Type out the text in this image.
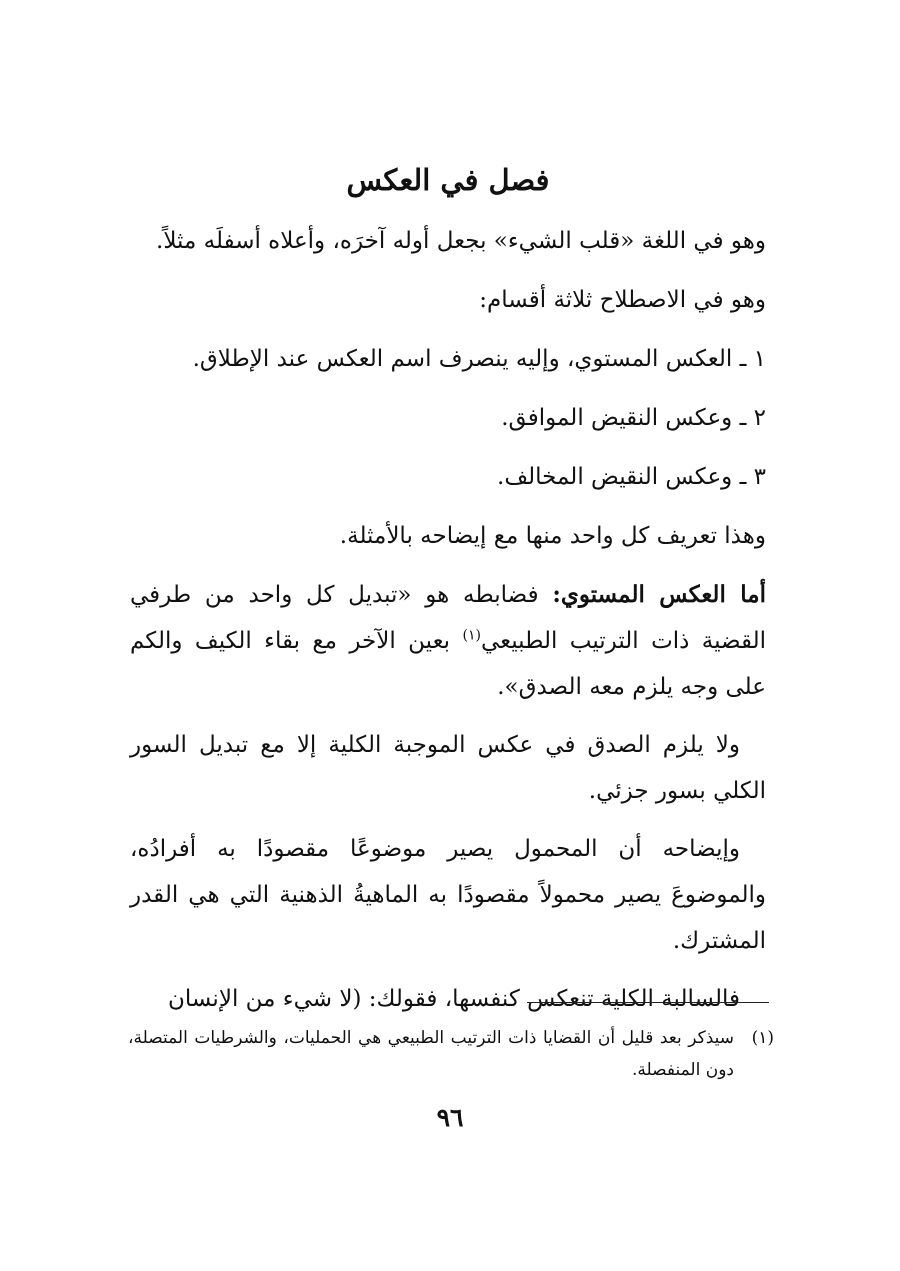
فصل في العكس

وهو في اللغة «قلب الشيء» بجعل أوله آخرَه، وأعلاه أسفلَه مثلاً.

وهو في الاصطلاح ثلاثة أقسام:

١ ـ العكس المستوي، وإليه ينصرف اسم العكس عند الإطلاق.

٢ ـ وعكس النقيض الموافق.

٣ ـ وعكس النقيض المخالف.

وهذا تعريف كل واحد منها مع إيضاحه بالأمثلة.

أما العكس المستوي: فضابطه هو «تبديل كل واحد من طرفي القضية ذات الترتيب الطبيعي$^{(١)}$ بعين الآخر مع بقاء الكيف والكم على وجه يلزم معه الصدق».

ولا يلزم الصدق في عكس الموجبة الكلية إلا مع تبديل السور الكلي بسور جزئي.

وإيضاحه أن المحمول يصير موضوعًا مقصودًا به أفرادُه، والموضوعَ يصير محمولاً مقصودًا به الماهيةُ الذهنية التي هي القدر المشترك.

فالسالبة الكلية تنعكس كنفسها، فقولك: (لا شيء من الإنسان

(١)
سيذكر بعد قليل أن القضايا ذات الترتيب الطبيعي هي الحمليات، والشرطيات المتصلة، دون المنفصلة.
٩٦
